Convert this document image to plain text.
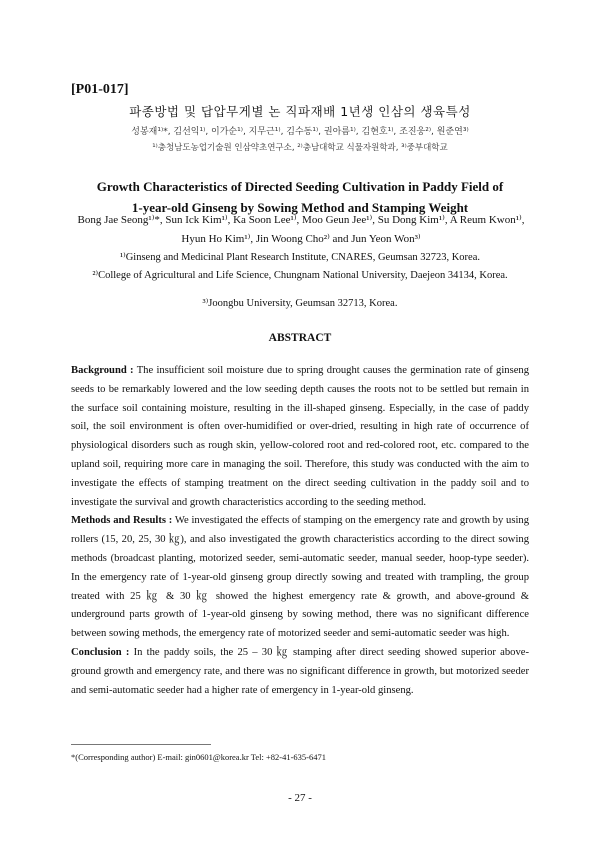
[P01-017]
파종방법 및 답압무게별 논 직파재배 1년생 인삼의 생육특성
성봉재¹⁾*, 김선익¹⁾, 이가순¹⁾, 지무근¹⁾, 김수동¹⁾, 권아름¹⁾, 김현호¹⁾, 조진웅²⁾, 원준연³⁾
¹⁾충청남도농업기술원 인삼약초연구소, ²⁾충남대학교 식물자원학과, ³⁾중부대학교
Growth Characteristics of Directed Seeding Cultivation in Paddy Field of
1-year-old Ginseng by Sowing Method and Stamping Weight
Bong Jae Seong¹⁾*, Sun Ick Kim¹⁾, Ka Soon Lee¹⁾, Moo Geun Jee¹⁾, Su Dong Kim¹⁾, A Reum Kwon¹⁾, Hyun Ho Kim¹⁾, Jin Woong Cho²⁾ and Jun Yeon Won³⁾
¹⁾Ginseng and Medicinal Plant Research Institute, CNARES, Geumsan 32723, Korea.
²⁾College of Agricultural and Life Science, Chungnam National University, Daejeon 34134, Korea.
³⁾Joongbu University, Geumsan 32713, Korea.
ABSTRACT

Background : The insufficient soil moisture due to spring drought causes the germination rate of ginseng seeds to be remarkably lowered and the low seeding depth causes the roots not to be settled but remain in the surface soil containing moisture, resulting in the ill-shaped ginseng. Especially, in the case of paddy soil, the soil environment is often over-humidified or over-dried, resulting in high rate of occurrence of physiological disorders such as rough skin, yellow-colored root and red-colored root, etc. compared to the upland soil, requiring more care in managing the soil. Therefore, this study was conducted with the aim to investigate the effects of stamping treatment on the direct seeding cultivation in the paddy soil and to investigate the survival and growth characteristics according to the seeding method.

Methods and Results : We investigated the effects of stamping on the emergency rate and growth by using rollers (15, 20, 25, 30 ㎏), and also investigated the growth characteristics according to the direct sowing methods (broadcast planting, motorized seeder, semi-automatic seeder, manual seeder, hoop-type seeder). In the emergency rate of 1-year-old ginseng group directly sowing and treated with trampling, the group treated with 25 ㎏ & 30 ㎏ showed the highest emergency rate & growth, and above-ground & underground parts growth of 1-year-old ginseng by sowing method, there was no significant difference between sowing methods, the emergency rate of motorized seeder and semi-automatic seeder was high.

Conclusion : In the paddy soils, the 25 – 30 ㎏ stamping after direct seeding showed superior above-ground growth and emergency rate, and there was no significant difference in growth, but motorized seeder and semi-automatic seeder had a higher rate of emergency in 1-year-old ginseng.

*(Corresponding author) E-mail: gin0601@korea.kr Tel: +82-41-635-6471
- 27 -
